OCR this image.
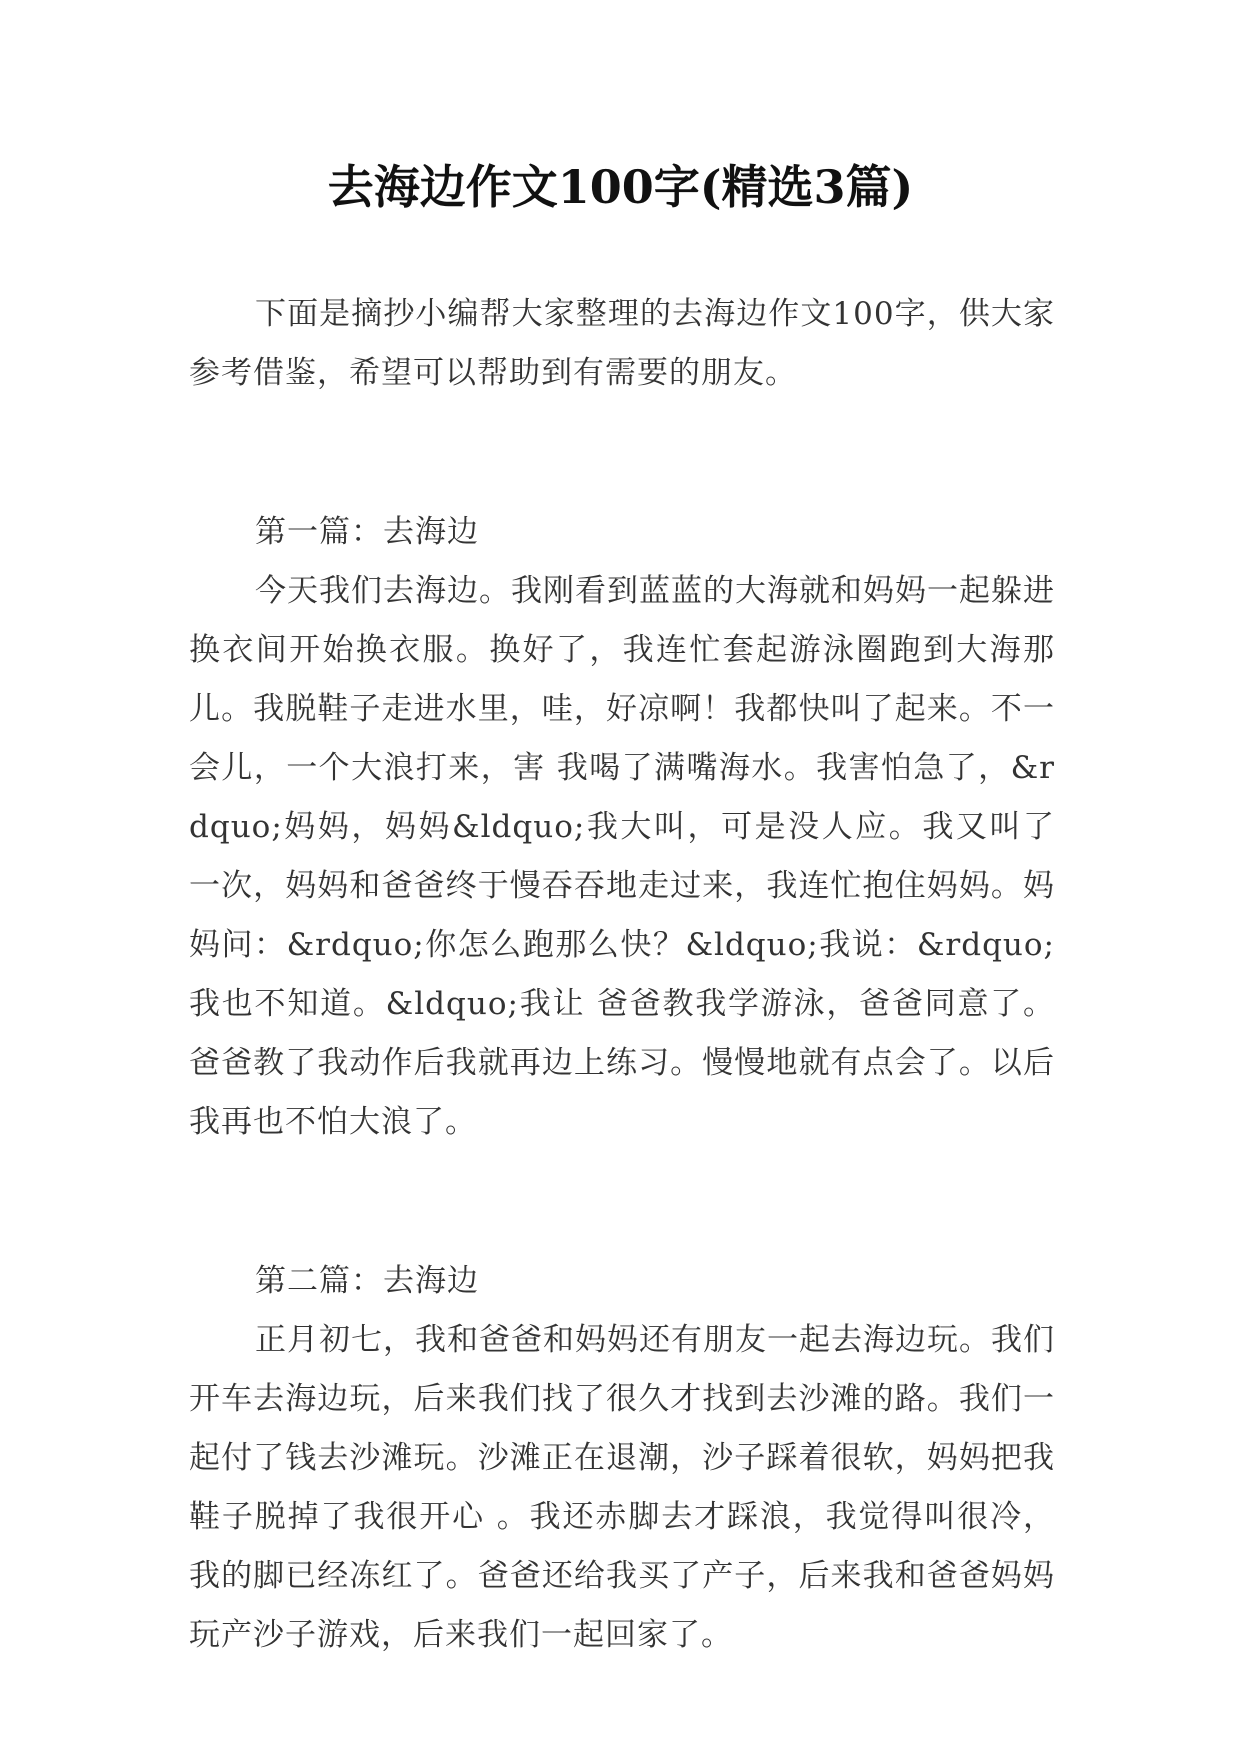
去海边作文100字(精选3篇)

下面是摘抄小编帮大家整理的去海边作文100字，供大家参考借鉴，希望可以帮助到有需要的朋友。

第一篇：去海边

今天我们去海边。我刚看到蓝蓝的大海就和妈妈一起躲进换衣间开始换衣服。换好了，我连忙套起游泳圈跑到大海那儿。我脱鞋子走进水里，哇，好凉啊！我都快叫了起来。不一会儿，一个大浪打来，害 我喝了满嘴海水。我害怕急了，&rdquo;妈妈，妈妈&ldquo;我大叫，可是没人应。我又叫了一次，妈妈和爸爸终于慢吞吞地走过来，我连忙抱住妈妈。妈妈问：&rdquo;你怎么跑那么快？&ldquo;我说：&rdquo;我也不知道。&ldquo;我让 爸爸教我学游泳，爸爸同意了。爸爸教了我动作后我就再边上练习。慢慢地就有点会了。以后我再也不怕大浪了。

第二篇：去海边

正月初七，我和爸爸和妈妈还有朋友一起去海边玩。我们开车去海边玩，后来我们找了很久才找到去沙滩的路。我们一起付了钱去沙滩玩。沙滩正在退潮，沙子踩着很软，妈妈把我鞋子脱掉了我很开心 。我还赤脚去才踩浪，我觉得叫很冷，我的脚已经冻红了。爸爸还给我买了产子，后来我和爸爸妈妈玩产沙子游戏，后来我们一起回家了。
